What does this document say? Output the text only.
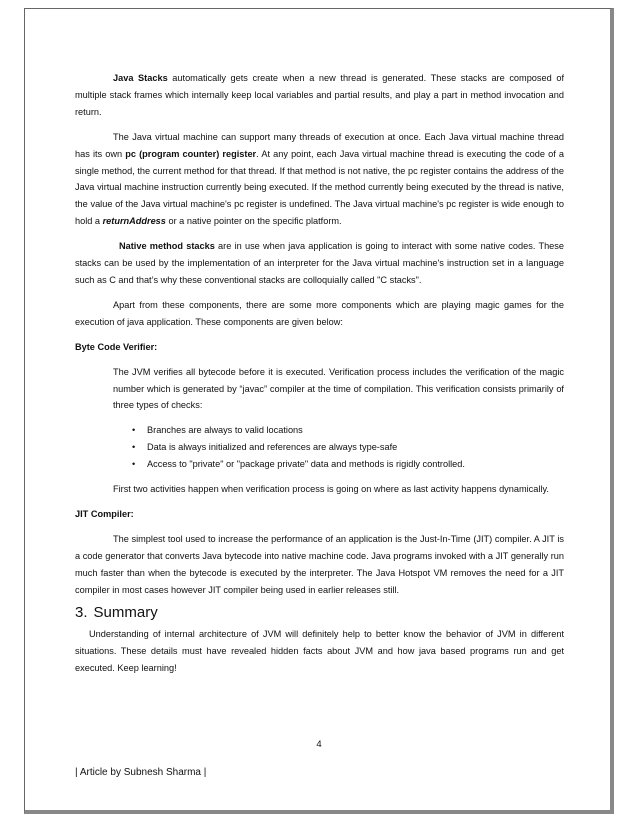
Java Stacks automatically gets create when a new thread is generated. These stacks are composed of multiple stack frames which internally keep local variables and partial results, and play a part in method invocation and return.

The Java virtual machine can support many threads of execution at once. Each Java virtual machine thread has its own pc (program counter) register. At any point, each Java virtual machine thread is executing the code of a single method, the current method for that thread. If that method is not native, the pc register contains the address of the Java virtual machine instruction currently being executed. If the method currently being executed by the thread is native, the value of the Java virtual machine's pc register is undefined. The Java virtual machine's pc register is wide enough to hold a returnAddress or a native pointer on the specific platform.

Native method stacks are in use when java application is going to interact with some native codes. These stacks can be used by the implementation of an interpreter for the Java virtual machine's instruction set in a language such as C and that’s why these conventional stacks are colloquially called "C stacks".

Apart from these components, there are some more components which are playing magic games for the execution of java application. These components are given below:

Byte Code Verifier:

The JVM verifies all bytecode before it is executed. Verification process includes the verification of the magic number which is generated by “javac” compiler at the time of compilation. This verification consists primarily of three types of checks:

• Branches are always to valid locations
• Data is always initialized and references are always type-safe
• Access to "private" or "package private" data and methods is rigidly controlled.

First two activities happen when verification process is going on where as last activity happens dynamically.

JIT Compiler:

The simplest tool used to increase the performance of an application is the Just-In-Time (JIT) compiler. A JIT is a code generator that converts Java bytecode into native machine code. Java programs invoked with a JIT generally run much faster than when the bytecode is executed by the interpreter. The Java Hotspot VM removes the need for a JIT compiler in most cases however JIT compiler being used in earlier releases still.

3. Summary

Understanding of internal architecture of JVM will definitely help to better know the behavior of JVM in different situations. These details must have revealed hidden facts about JVM and how java based programs run and get executed. Keep learning!

4
| Article by Subnesh Sharma |
